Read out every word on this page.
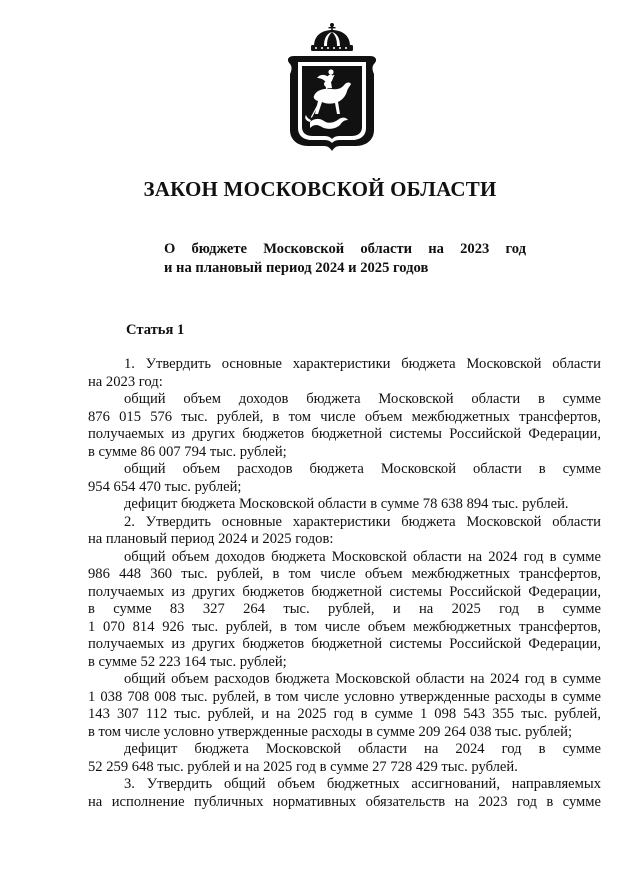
ЗАКОН МОСКОВСКОЙ ОБЛАСТИ
О бюджете Московской области на 2023 год
и на плановый период 2024 и 2025 годов
Статья 1
1. Утвердить основные характеристики бюджета Московской области
на 2023 год:
общий объем доходов бюджета Московской области в сумме
876 015 576 тыс. рублей, в том числе объем межбюджетных трансфертов,
получаемых из других бюджетов бюджетной системы Российской Федерации,
в сумме 86 007 794 тыс. рублей;
общий объем расходов бюджета Московской области в сумме
954 654 470 тыс. рублей;
дефицит бюджета Московской области в сумме 78 638 894 тыс. рублей.
2. Утвердить основные характеристики бюджета Московской области
на плановый период 2024 и 2025 годов:
общий объем доходов бюджета Московской области на 2024 год в сумме
986 448 360 тыс. рублей, в том числе объем межбюджетных трансфертов,
получаемых из других бюджетов бюджетной системы Российской Федерации,
в сумме 83 327 264 тыс. рублей, и на 2025 год в сумме
1 070 814 926 тыс. рублей, в том числе объем межбюджетных трансфертов,
получаемых из других бюджетов бюджетной системы Российской Федерации,
в сумме 52 223 164 тыс. рублей;
общий объем расходов бюджета Московской области на 2024 год в сумме
1 038 708 008 тыс. рублей, в том числе условно утвержденные расходы в сумме
143 307 112 тыс. рублей, и на 2025 год в сумме 1 098 543 355 тыс. рублей,
в том числе условно утвержденные расходы в сумме 209 264 038 тыс. рублей;
дефицит бюджета Московской области на 2024 год в сумме
52 259 648 тыс. рублей и на 2025 год в сумме 27 728 429 тыс. рублей.
3. Утвердить общий объем бюджетных ассигнований, направляемых
на исполнение публичных нормативных обязательств на 2023 год в сумме
